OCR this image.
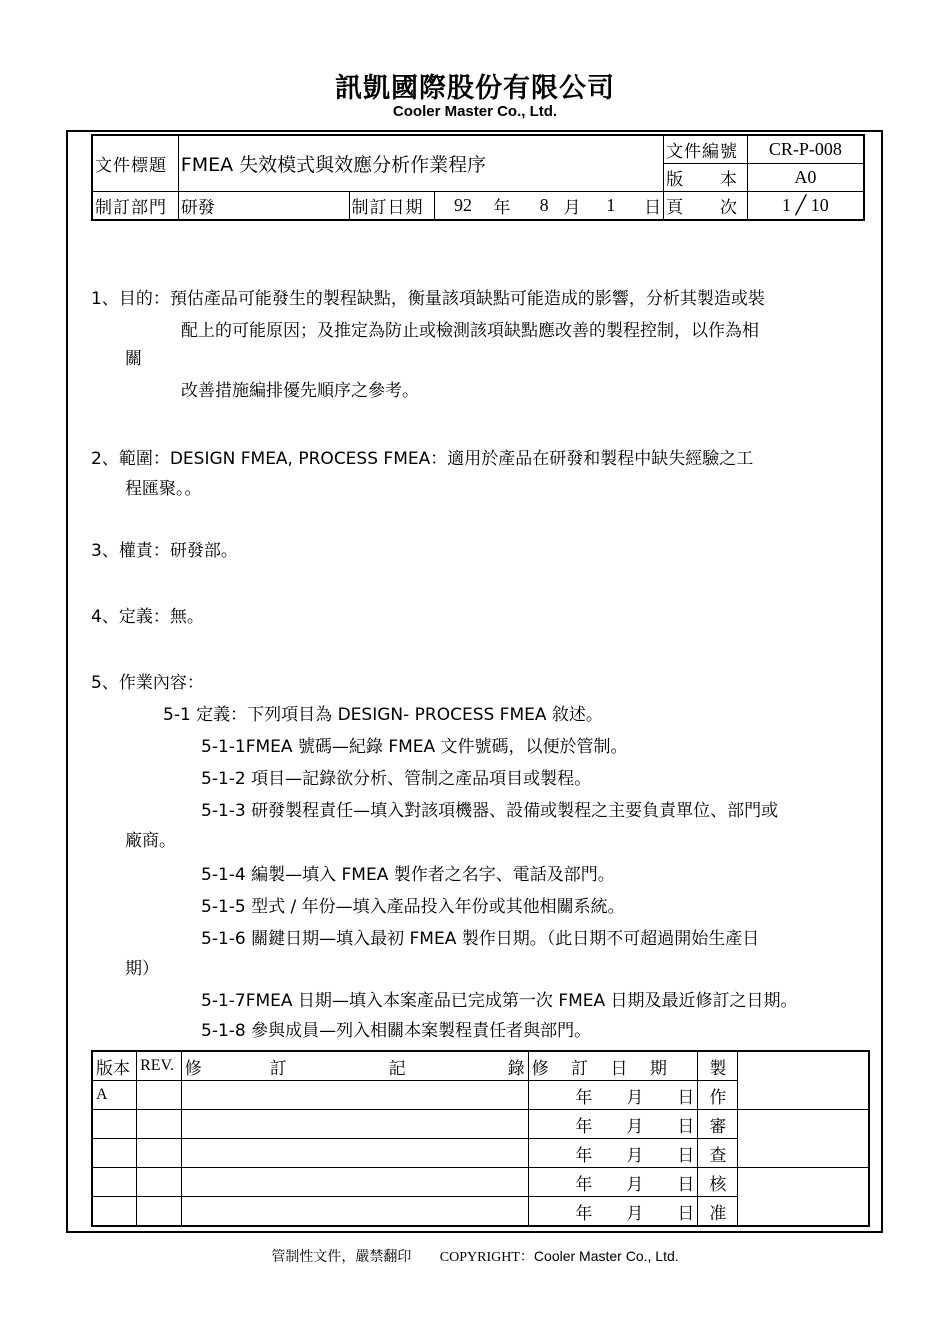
訊凱國際股份有限公司
Cooler Master Co., Ltd.
文件標題	FMEA 失效模式與效應分析作業程序								文件編號	CR-P-008
									版　　本	A0
制訂部門	研發	制訂日期	92	年	8	月	1	日	頁　　次	1 ╱ 10
1、目的：預估產品可能發生的製程缺點，衡量該項缺點可能造成的影響，分析其製造或裝
配上的可能原因；及推定為防止或檢測該項缺點應改善的製程控制，以作為相
關
改善措施編排優先順序之參考。
2、範圍：DESIGN FMEA, PROCESS FMEA：適用於產品在研發和製程中缺失經驗之工
程匯聚。。
3、權責：研發部。
4、定義：無。
5、作業內容：
5-1 定義：下列項目為 DESIGN- PROCESS FMEA 敘述。
5-1-1FMEA 號碼—紀錄 FMEA 文件號碼，以便於管制。
5-1-2 項目—記錄欲分析、管制之產品項目或製程。
5-1-3 研發製程責任—填入對該項機器、設備或製程之主要負責單位、部門或
廠商。
5-1-4 編製—填入 FMEA 製作者之名字、電話及部門。
5-1-5 型式 / 年份—填入產品投入年份或其他相關系統。
5-1-6 關鍵日期—填入最初 FMEA 製作日期。（此日期不可超過開始生產日
期）
5-1-7FMEA 日期—填入本案產品已完成第一次 FMEA 日期及最近修訂之日期。
5-1-8 參與成員—列入相關本案製程責任者與部門。
版本	REV.	修　　　　訂　　　　　　記　　　　　　錄	修　 訂　 日　 期	製	
A			年　　月　　日	作	
			年　　月　　日	審	
			年　　月　　日	查	
			年　　月　　日	核	
			年　　月　　日	准	
管制性文件，嚴禁翻印 COPYRIGHT：Cooler Master Co., Ltd.
